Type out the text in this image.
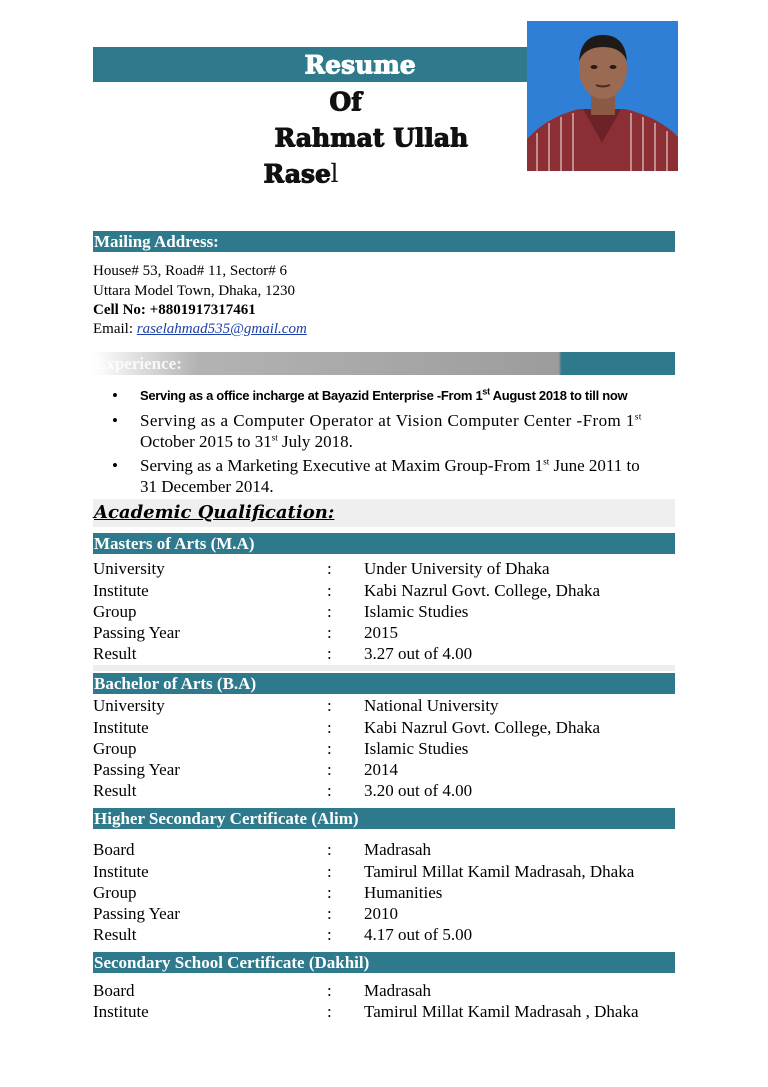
Resume
Of
Rahmat Ullah
Rasel
Mailing Address:
House# 53, Road# 11, Sector# 6
Uttara Model Town, Dhaka, 1230
Cell No: +8801917317461
Email: raselahmad535@gmail.com
Experience:
• Serving as a office incharge at Bayazid Enterprise -From 1st August 2018 to till now
• Serving as a Computer Operator at Vision Computer Center -From 1st
October 2015 to 31st July 2018.
• Serving as a Marketing Executive at Maxim Group-From 1st June 2011 to
31 December 2014.
Academic Qualification:
Masters of Arts (M.A)
University	: Under University of Dhaka
Institute	: Kabi Nazrul Govt. College, Dhaka
Group	: Islamic Studies
Passing Year	: 2015
Result	: 3.27 out of 4.00
Bachelor of Arts (B.A)
University	: National University
Institute	: Kabi Nazrul Govt. College, Dhaka
Group	: Islamic Studies
Passing Year	: 2014
Result	: 3.20 out of 4.00
Higher Secondary Certificate (Alim)
Board	: Madrasah
Institute	: Tamirul Millat Kamil Madrasah, Dhaka
Group	: Humanities
Passing Year	: 2010
Result	: 4.17 out of 5.00
Secondary School Certificate (Dakhil)
Board	: Madrasah
Institute	: Tamirul Millat Kamil Madrasah , Dhaka
